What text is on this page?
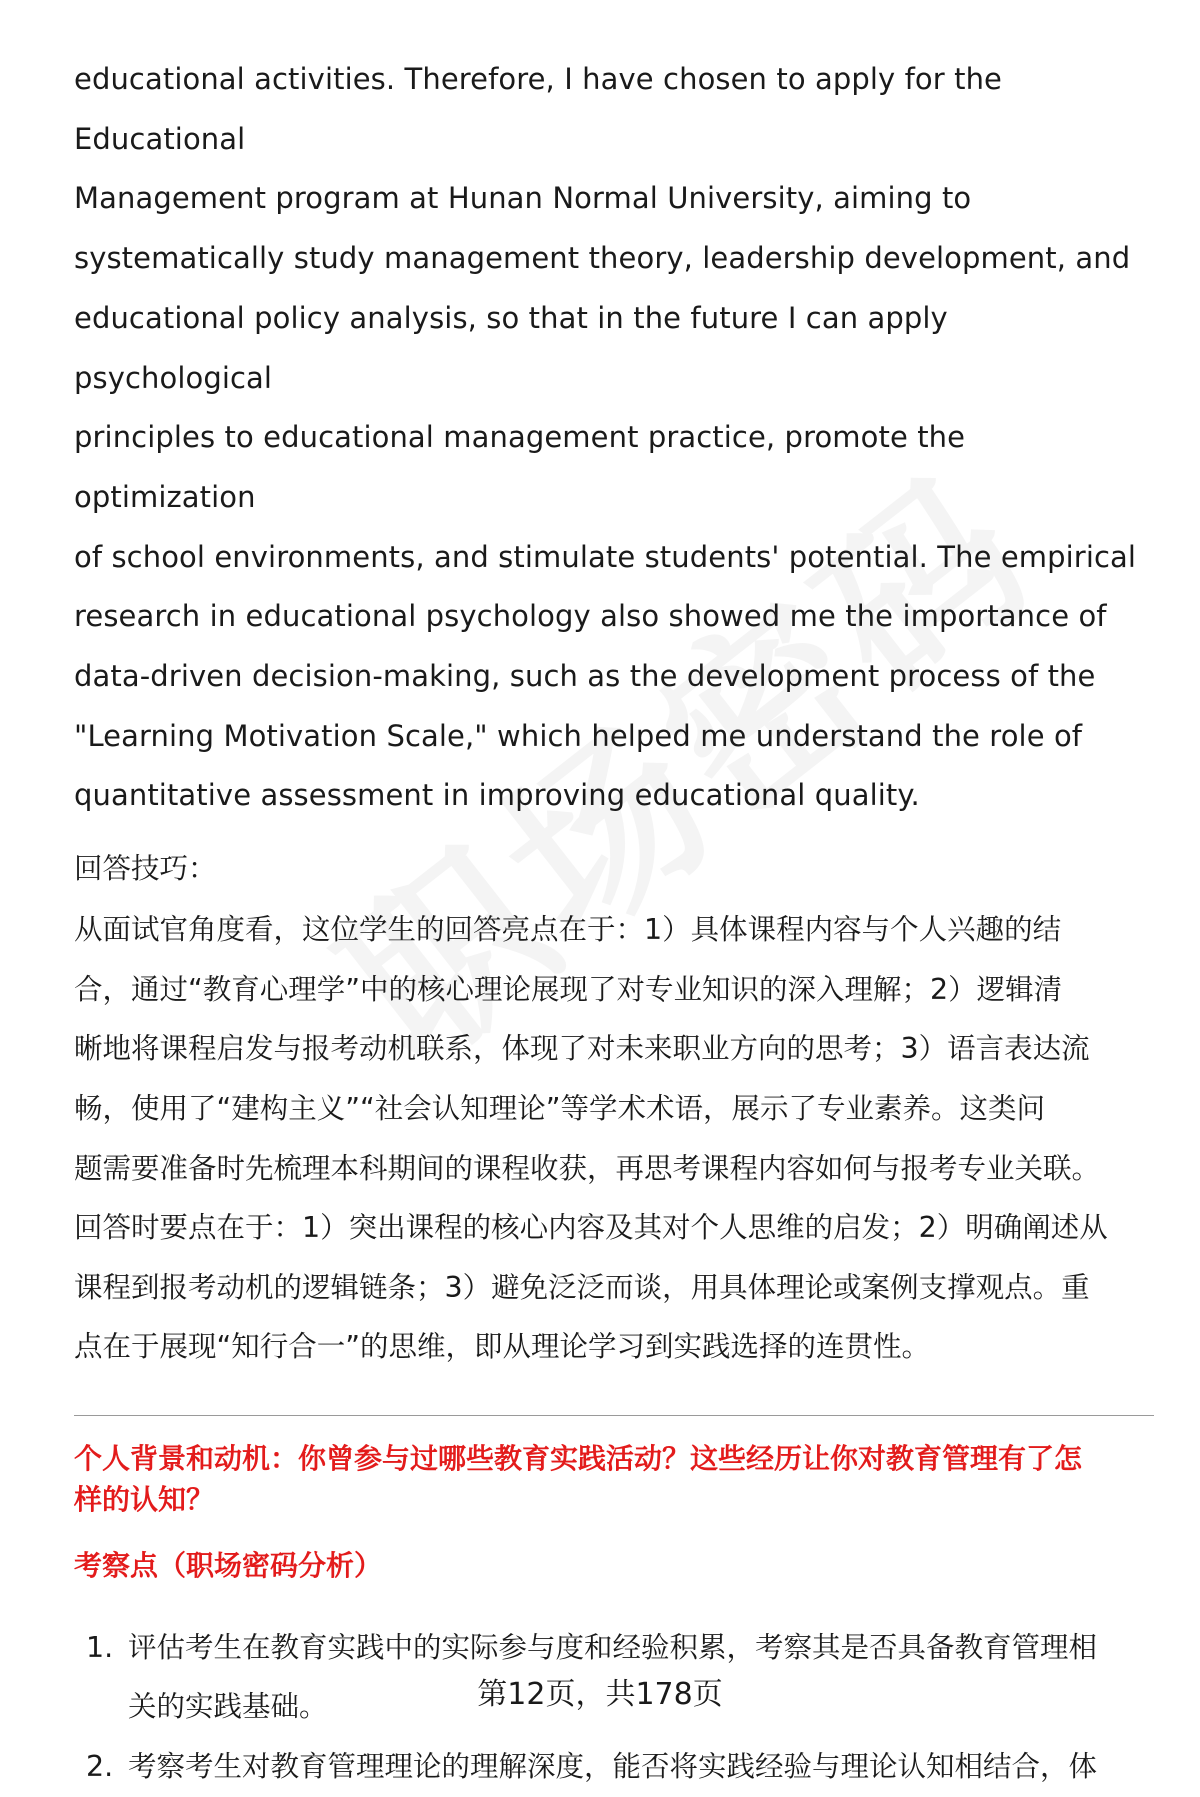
educational activities. Therefore, I have chosen to apply for the Educational

Management program at Hunan Normal University, aiming to

systematically study management theory, leadership development, and

educational policy analysis, so that in the future I can apply psychological

principles to educational management practice, promote the optimization

of school environments, and stimulate students' potential. The empirical

research in educational psychology also showed me the importance of

data-driven decision-making, such as the development process of the

"Learning Motivation Scale," which helped me understand the role of

quantitative assessment in improving educational quality.

回答技巧：

从面试官角度看，这位学生的回答亮点在于：1）具体课程内容与个人兴趣的结

合，通过“教育心理学”中的核心理论展现了对专业知识的深入理解；2）逻辑清

晰地将课程启发与报考动机联系，体现了对未来职业方向的思考；3）语言表达流

畅，使用了“建构主义”“社会认知理论”等学术术语，展示了专业素养。这类问

题需要准备时先梳理本科期间的课程收获，再思考课程内容如何与报考专业关联。

回答时要点在于：1）突出课程的核心内容及其对个人思维的启发；2）明确阐述从

课程到报考动机的逻辑链条；3）避免泛泛而谈，用具体理论或案例支撑观点。重

点在于展现“知行合一”的思维，即从理论学习到实践选择的连贯性。

个人背景和动机：你曾参与过哪些教育实践活动？这些经历让你对教育管理有了怎

样的认知？

考察点（职场密码分析）

1. 评估考生在教育实践中的实际参与度和经验积累，考察其是否具备教育管理相
关的实践基础。
2. 考察考生对教育管理理论的理解深度，能否将实践经验与理论认知相结合，体
第12页，共178页
